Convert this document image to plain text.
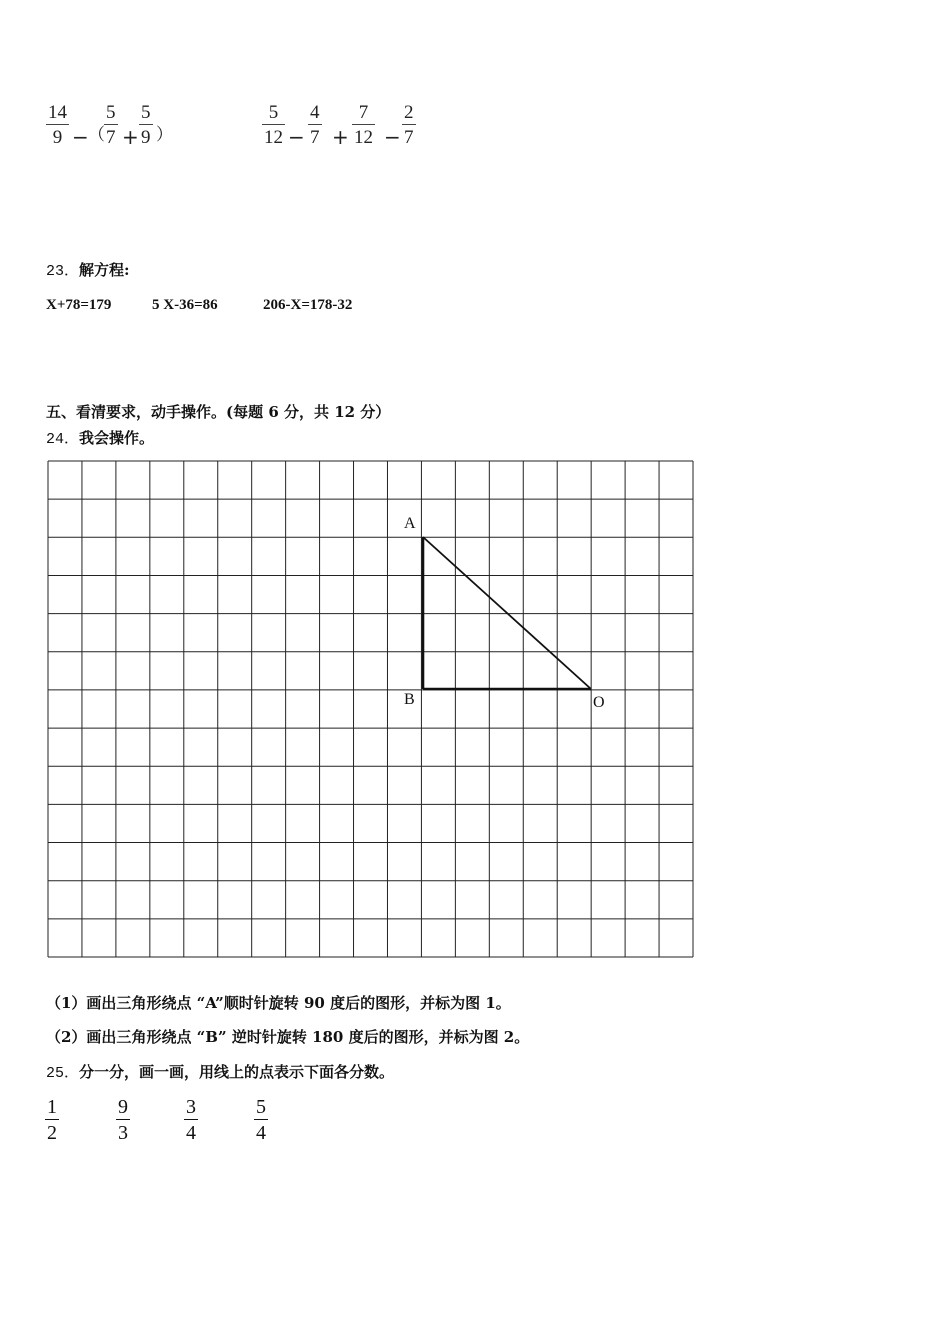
14
9 − （
5
7 +
5
9 ）
5
12 −
4
7 +
7
12 −
2
7
23．解方程:
X+78=179	5 X-36=86	206-X=178-32
五、看清要求，动手操作。(每题 6 分，共 12 分）
24．我会操作。
A
B	O
（1）画出三角形绕点 “A”顺时针旋转 90 度后的图形，并标为图 1。
（2）画出三角形绕点 “B” 逆时针旋转 180 度后的图形，并标为图 2。
25．分一分，画一画，用线上的点表示下面各分数。
1
2
9
3
3
4
5
4
